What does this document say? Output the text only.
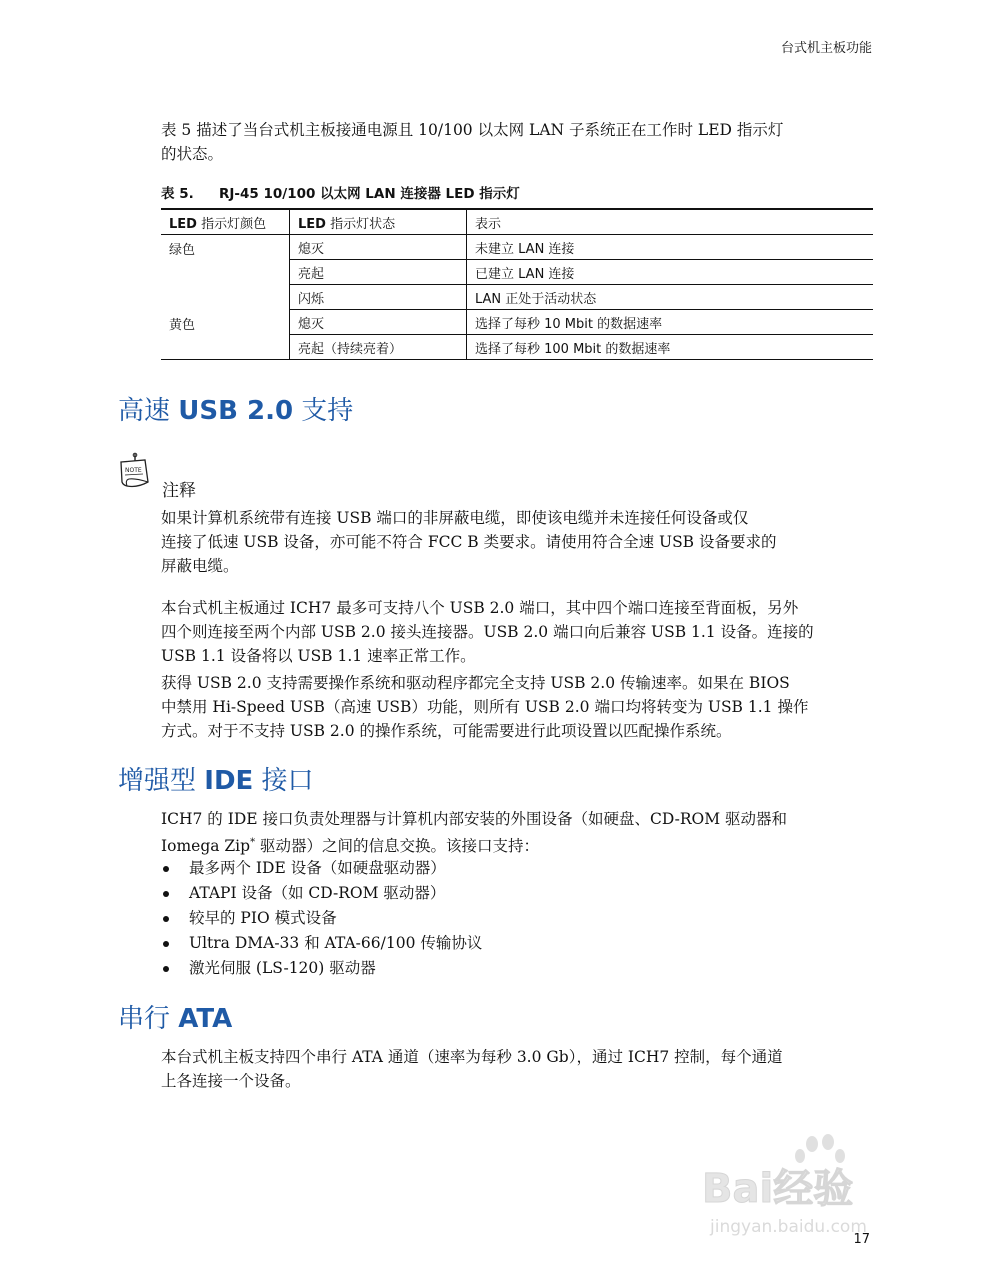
台式机主板功能

表 5 描述了当台式机主板接通电源且 10/100 以太网 LAN 子系统正在工作时 LED 指示灯
的状态。

表 5. RJ-45 10/100 以太网 LAN 连接器 LED 指示灯

LED 指示灯颜色	LED 指示灯状态	表示
绿色	熄灭	未建立 LAN 连接
	亮起	已建立 LAN 连接
	闪烁	LAN 正处于活动状态
黄色	熄灭	选择了每秒 10 Mbit 的数据速率
	亮起（持续亮着）	选择了每秒 100 Mbit 的数据速率
高速 USB 2.0 支持
NOTE

注释

如果计算机系统带有连接 USB 端口的非屏蔽电缆，即使该电缆并未连接任何设备或仅
连接了低速 USB 设备，亦可能不符合 FCC B 类要求。请使用符合全速 USB 设备要求的
屏蔽电缆。

本台式机主板通过 ICH7 最多可支持八个 USB 2.0 端口，其中四个端口连接至背面板，另外
四个则连接至两个内部 USB 2.0 接头连接器。USB 2.0 端口向后兼容 USB 1.1 设备。连接的
USB 1.1 设备将以 USB 1.1 速率正常工作。

获得 USB 2.0 支持需要操作系统和驱动程序都完全支持 USB 2.0 传输速率。如果在 BIOS
中禁用 Hi-Speed USB（高速 USB）功能，则所有 USB 2.0 端口均将转变为 USB 1.1 操作
方式。对于不支持 USB 2.0 的操作系统，可能需要进行此项设置以匹配操作系统。

增强型 IDE 接口

ICH7 的 IDE 接口负责处理器与计算机内部安装的外围设备（如硬盘、CD-ROM 驱动器和
Iomega Zip* 驱动器）之间的信息交换。该接口支持：

最多两个 IDE 设备（如硬盘驱动器）
ATAPI 设备（如 CD-ROM 驱动器）
较早的 PIO 模式设备
Ultra DMA-33 和 ATA-66/100 传输协议
激光伺服 (LS-120) 驱动器
串行 ATA

本台式机主板支持四个串行 ATA 通道（速率为每秒 3.0 Gb），通过 ICH7 控制，每个通道
上各连接一个设备。

Bai经验
jingyan.baidu.com
17
